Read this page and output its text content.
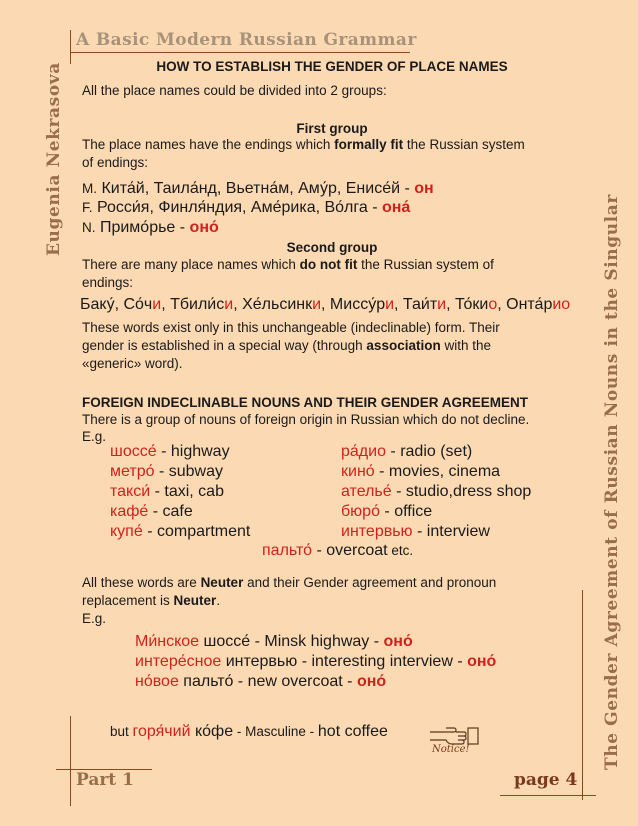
A Basic Modern Russian Grammar
Eugenia Nekrasova
The Gender Agreement of Russian Nouns in the Singular
HOW TO ESTABLISH THE GENDER OF PLACE NAMES
All the place names could be divided into 2 groups:
First group
The place names have the endings which formally fit the Russian system
of endings:
M. Кита́й, Таила́нд, Вьетна́м, Аму́р, Енисе́й - он
F. Росси́я, Финля́ндия, Аме́рика, Во́лга - она́
N. Примо́рье - оно́
Second group
There are many place names which do not fit the Russian system of
endings:
Баку́, Со́чи, Тбили́си, Хе́льсинки, Миссу́ри, Таи́ти, То́кио, Онта́рио
These words exist only in this unchangeable (indeclinable) form. Their
gender is established in a special way (through association with the
«generic» word).
FOREIGN INDECLINABLE NOUNS AND THEIR GENDER AGREEMENT
There is a group of nouns of foreign origin in Russian which do not decline.
E.g.
шоссе́ - highway
метро́ - subway
такси́ - taxi, cab
кафе́ - cafe
купе́ - compartment
ра́дио - radio (set)
кино́ - movies, cinema
ателье́ - studio,dress shop
бюро́ - office
интервью - interview
пальто́ - overcoat etc.
All these words are Neuter and their Gender agreement and pronoun
replacement is Neuter.
E.g.
Ми́нское шоссе́ - Minsk highway - оно́
интере́сное интервью - interesting interview - оно́
но́вое пальто́ - new overcoat - оно́
but горя́чий ко́фе - Masculine - hot coffee
Notice!
Part 1	page 4
